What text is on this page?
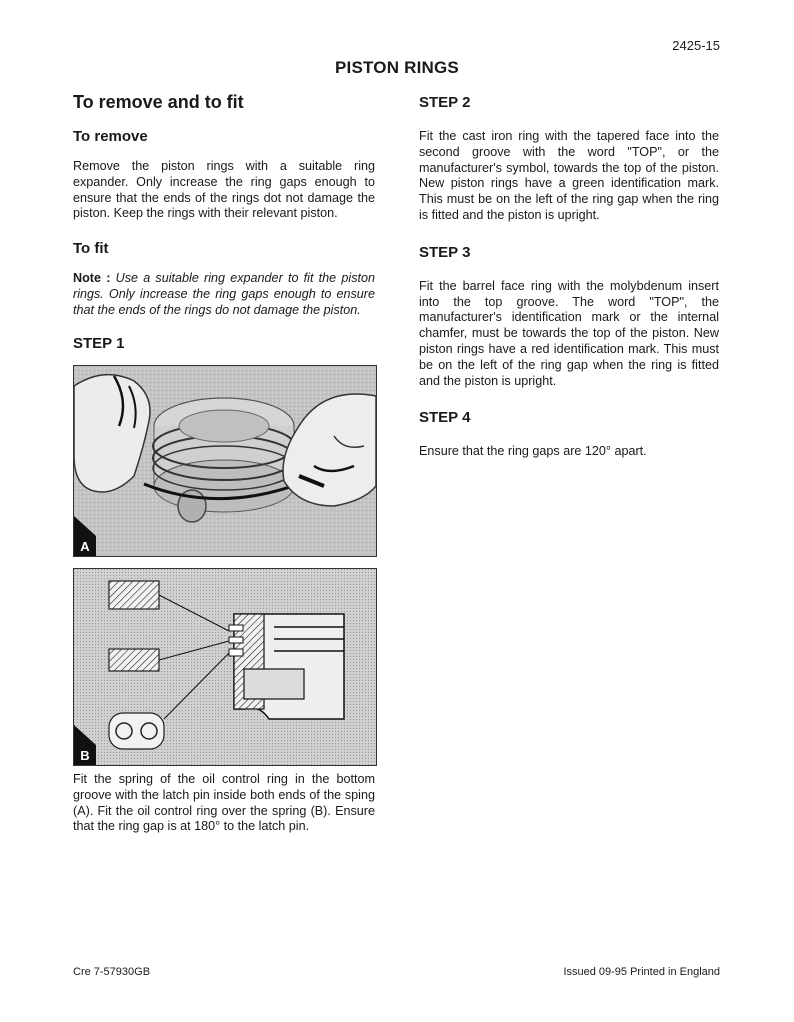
2425-15
PISTON RINGS
To remove and to fit
To remove

Remove the piston rings with a suitable ring expander. Only increase the ring gaps enough to ensure that the ends of the rings dot not damage the piston. Keep the rings with their relevant piston.

To fit

Note : Use a suitable ring expander to fit the piston rings. Only increase the ring gaps enough to ensure that the ends of the rings do not damage the piston.

STEP 1
A
B

Fit the spring of the oil control ring in the bottom groove with the latch pin inside both ends of the sping (A). Fit the oil control ring over the spring (B). Ensure that the ring gap is at 180° to the latch pin.

STEP 2

Fit the cast iron ring with the tapered face into the second groove with the word "TOP", or the manufacturer's symbol, towards the top of the piston. New piston rings have a green identification mark. This must be on the left of the ring gap when the ring is fitted and the piston is upright.

STEP 3

Fit the barrel face ring with the molybdenum insert into the top groove. The word "TOP", the manufacturer's identification mark or the internal chamfer, must be towards the top of the piston. New piston rings have a red identification mark. This must be on the left of the ring gap when the ring is fitted and the piston is upright.

STEP 4

Ensure that the ring gaps are 120° apart.

Cre 7-57930GB	Issued 09-95 Printed in England
